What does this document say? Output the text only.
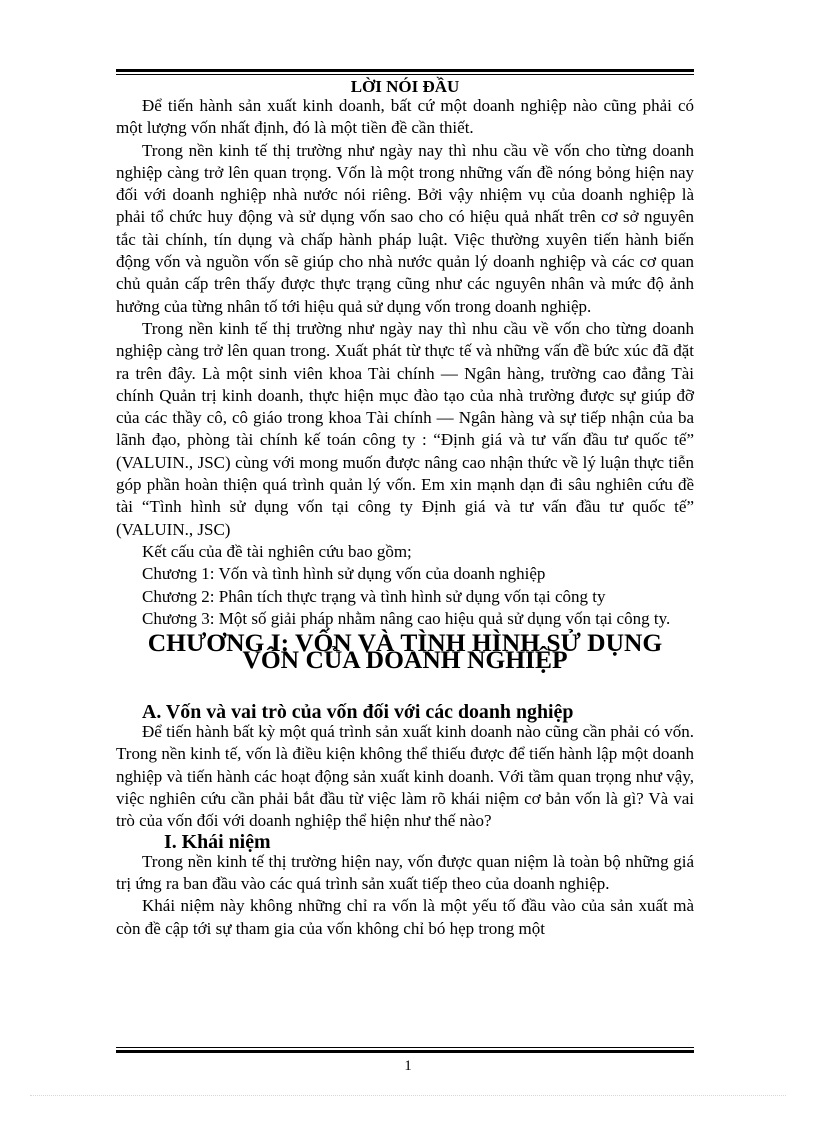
LỜI NÓI ĐẦU

Để tiến hành sản xuất kinh doanh, bất cứ một doanh nghiệp nào cũng phải có một lượng vốn nhất định, đó là một tiền đề cần thiết.

Trong nền kinh tế thị trường như ngày nay thì nhu cầu về vốn cho từng doanh nghiệp càng trở lên quan trọng. Vốn là một trong những vấn đề nóng bỏng hiện nay đối với doanh nghiệp nhà nước nói riêng. Bởi vậy nhiệm vụ của doanh nghiệp là phải tổ chức huy động và sử dụng vốn sao cho có hiệu quả nhất trên cơ sở nguyên tắc tài chính, tín dụng và chấp hành pháp luật. Việc thường xuyên tiến hành biến động vốn và nguồn vốn sẽ giúp cho nhà nước quản lý doanh nghiệp và các cơ quan chủ quản cấp trên thấy được thực trạng cũng như các nguyên nhân và mức độ ảnh hưởng của từng nhân tố tới hiệu quả sử dụng vốn trong doanh nghiệp.

Trong nền kinh tế thị trường như ngày nay thì nhu cầu về vốn cho từng doanh nghiệp càng trở lên quan trong. Xuất phát từ thực tế và những vấn đề bức xúc đã đặt ra trên đây. Là một sinh viên khoa Tài chính — Ngân hàng, trường cao đẳng Tài chính Quản trị kinh doanh, thực hiện mục đào tạo của nhà trường được sự giúp đỡ của các thầy cô, cô giáo trong khoa Tài chính — Ngân hàng và sự tiếp nhận của ba lãnh đạo, phòng tài chính kế toán công ty : “Định giá và tư vấn đầu tư quốc tế” (VALUIN., JSC) cùng với mong muốn được nâng cao nhận thức về lý luận thực tiễn góp phần hoàn thiện quá trình quản lý vốn. Em xin mạnh dạn đi sâu nghiên cứu đề tài “Tình hình sử dụng vốn tại công ty Định giá và tư vấn đầu tư quốc tế” (VALUIN., JSC)

Kết cấu của đề tài nghiên cứu bao gồm;

Chương 1: Vốn và tình hình sử dụng vốn của doanh nghiệp

Chương 2: Phân tích thực trạng và tình hình sử dụng vốn tại công ty

Chương 3: Một số giải pháp nhằm nâng cao hiệu quả sử dụng vốn tại công ty.

CHƯƠNG I: VỐN VÀ TÌNH HÌNH SỬ DỤNG VỐN CỦA DOANH NGHIỆP
A. Vốn và vai trò của vốn đối với các doanh nghiệp

Để tiến hành bất kỳ một quá trình sản xuất kinh doanh nào cũng cần phải có vốn. Trong nền kinh tế, vốn là điều kiện không thể thiếu được để tiến hành lập một doanh nghiệp và tiến hành các hoạt động sản xuất kinh doanh. Với tầm quan trọng như vậy, việc nghiên cứu cần phải bắt đầu từ việc làm rõ khái niệm cơ bản vốn là gì? Và vai trò của vốn đối với doanh nghiệp thể hiện như thế nào?

I. Khái niệm

Trong nền kinh tế thị trường hiện nay, vốn được quan niệm là toàn bộ những giá trị ứng ra ban đầu vào các quá trình sản xuất tiếp theo của doanh nghiệp.

Khái niệm này không những chỉ ra vốn là một yếu tố đầu vào của sản xuất mà còn đề cập tới sự tham gia của vốn không chỉ bó hẹp trong một

1
